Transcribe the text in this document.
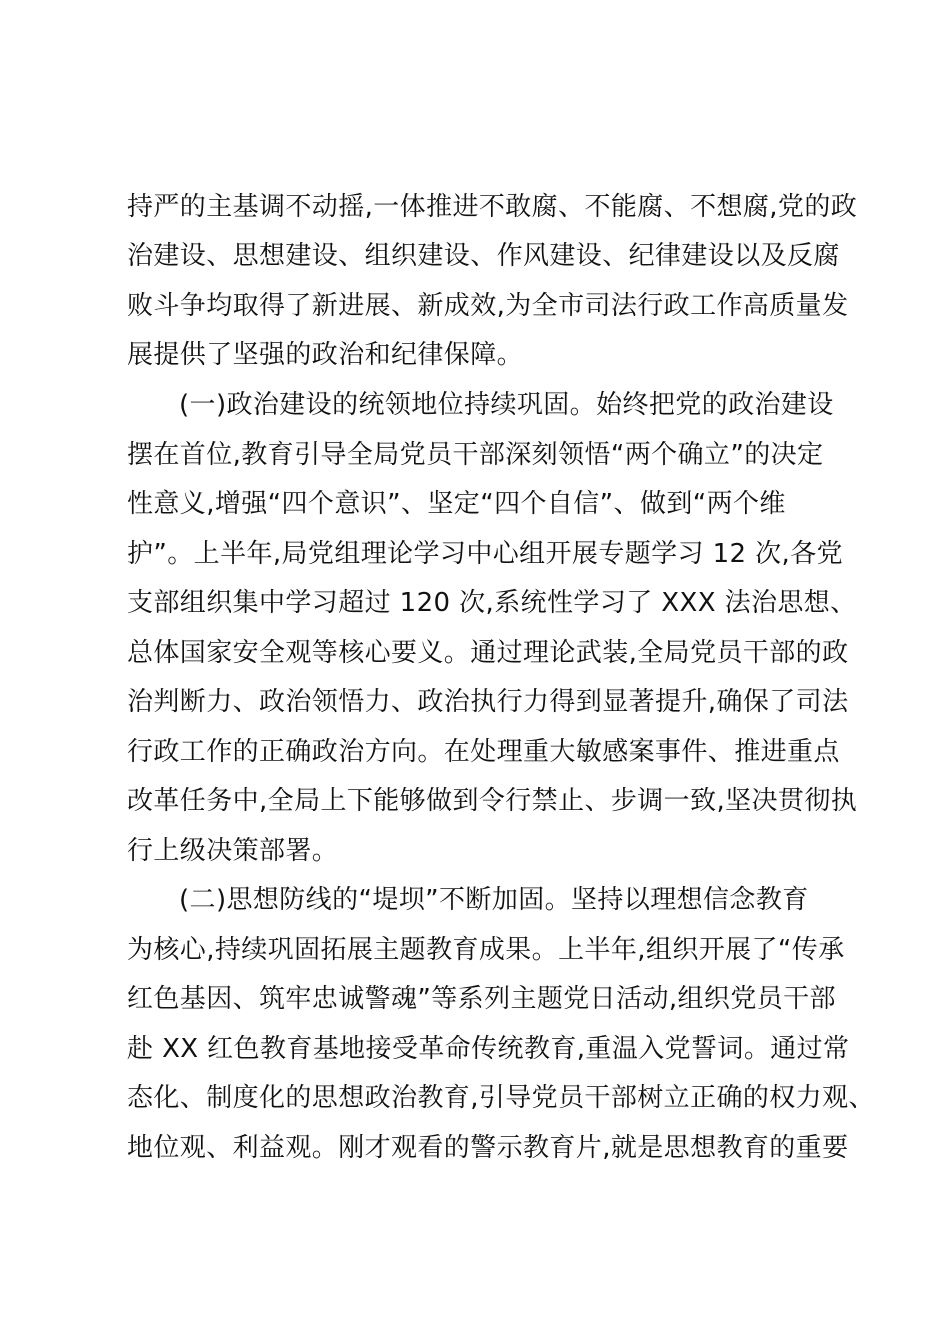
持严的主基调不动摇,一体推进不敢腐、不能腐、不想腐,党的政

治建设、思想建设、组织建设、作风建设、纪律建设以及反腐

败斗争均取得了新进展、新成效,为全市司法行政工作高质量发

展提供了坚强的政治和纪律保障。

(一)政治建设的统领地位持续巩固。始终把党的政治建设

摆在首位,教育引导全局党员干部深刻领悟“两个确立”的决定

性意义,增强“四个意识”、坚定“四个自信”、做到“两个维

护”。上半年,局党组理论学习中心组开展专题学习 12 次,各党

支部组织集中学习超过 120 次,系统性学习了 XXX 法治思想、

总体国家安全观等核心要义。通过理论武装,全局党员干部的政

治判断力、政治领悟力、政治执行力得到显著提升,确保了司法

行政工作的正确政治方向。在处理重大敏感案事件、推进重点

改革任务中,全局上下能够做到令行禁止、步调一致,坚决贯彻执

行上级决策部署。

(二)思想防线的“堤坝”不断加固。坚持以理想信念教育

为核心,持续巩固拓展主题教育成果。上半年,组织开展了“传承

红色基因、筑牢忠诚警魂”等系列主题党日活动,组织党员干部

赴 XX 红色教育基地接受革命传统教育,重温入党誓词。通过常

态化、制度化的思想政治教育,引导党员干部树立正确的权力观、

地位观、利益观。刚才观看的警示教育片,就是思想教育的重要
